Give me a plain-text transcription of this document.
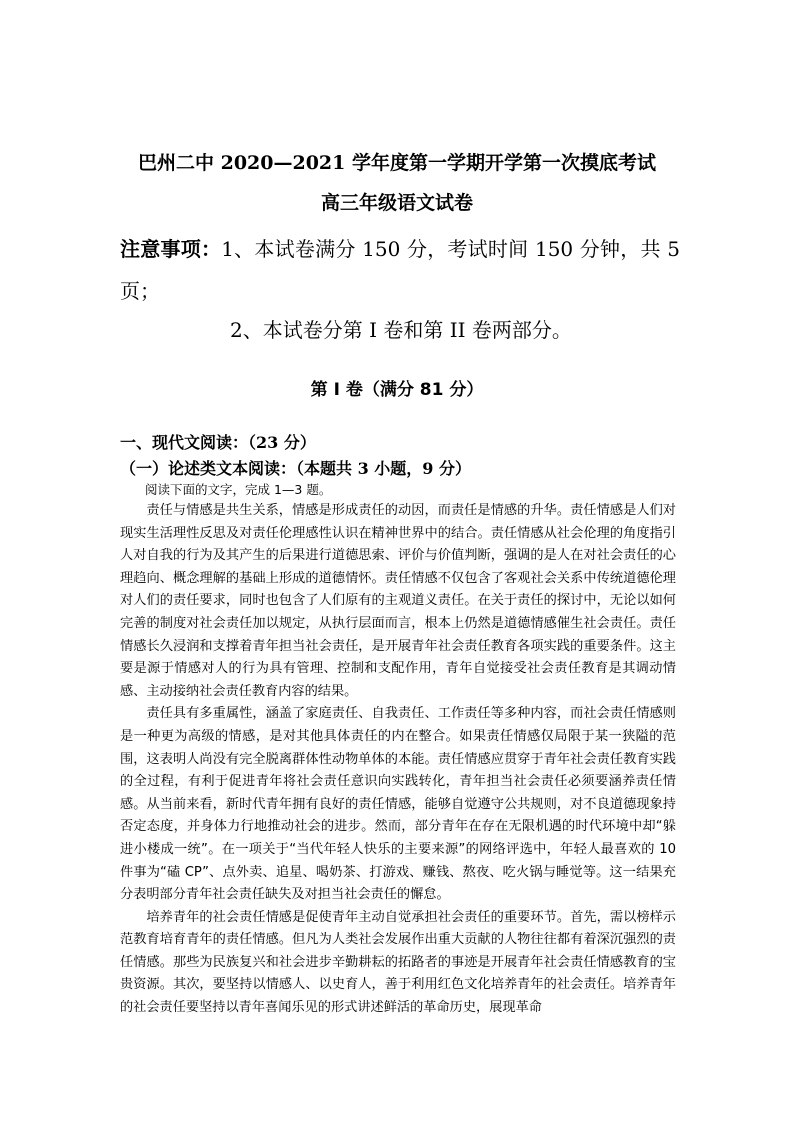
巴州二中 2020—2021 学年度第一学期开学第一次摸底考试
高三年级语文试卷
注意事项：1、本试卷满分 150 分，考试时间 150 分钟，共 5 页；
2、本试卷分第 I 卷和第 II 卷两部分。
第 Ⅰ 卷（满分 81 分）
一、现代文阅读：（23 分）
（一）论述类文本阅读：（本题共 3 小题，9 分）
阅读下面的文字，完成 1—3 题。

责任与情感是共生关系，情感是形成责任的动因，而责任是情感的升华。责任情感是人们对现实生活理性反思及对责任伦理感性认识在精神世界中的结合。责任情感从社会伦理的角度指引人对自我的行为及其产生的后果进行道德思索、评价与价值判断，强调的是人在对社会责任的心理趋向、概念理解的基础上形成的道德情怀。责任情感不仅包含了客观社会关系中传统道德伦理对人们的责任要求，同时也包含了人们原有的主观道义责任。在关于责任的探讨中，无论以如何完善的制度对社会责任加以规定，从执行层面而言，根本上仍然是道德情感催生社会责任。责任情感长久浸润和支撑着青年担当社会责任，是开展青年社会责任教育各项实践的重要条件。这主要是源于情感对人的行为具有管理、控制和支配作用，青年自觉接受社会责任教育是其调动情感、主动接纳社会责任教育内容的结果。

责任具有多重属性，涵盖了家庭责任、自我责任、工作责任等多种内容，而社会责任情感则是一种更为高级的情感，是对其他具体责任的内在整合。如果责任情感仅局限于某一狭隘的范围，这表明人尚没有完全脱离群体性动物单体的本能。责任情感应贯穿于青年社会责任教育实践的全过程，有利于促进青年将社会责任意识向实践转化，青年担当社会责任必须要涵养责任情感。从当前来看，新时代青年拥有良好的责任情感，能够自觉遵守公共规则，对不良道德现象持否定态度，并身体力行地推动社会的进步。然而，部分青年在存在无限机遇的时代环境中却“躲进小楼成一统”。在一项关于“当代年轻人快乐的主要来源”的网络评选中，年轻人最喜欢的 10 件事为“磕 CP”、点外卖、追星、喝奶茶、打游戏、赚钱、熬夜、吃火锅与睡觉等。这一结果充分表明部分青年社会责任缺失及对担当社会责任的懈怠。

培养青年的社会责任情感是促使青年主动自觉承担社会责任的重要环节。首先，需以榜样示范教育培育青年的责任情感。但凡为人类社会发展作出重大贡献的人物往往都有着深沉强烈的责任情感。那些为民族复兴和社会进步辛勤耕耘的拓路者的事迹是开展青年社会责任情感教育的宝贵资源。其次，要坚持以情感人、以史育人，善于利用红色文化培养青年的社会责任。培养青年的社会责任要坚持以青年喜闻乐见的形式讲述鲜活的革命历史，展现革命
